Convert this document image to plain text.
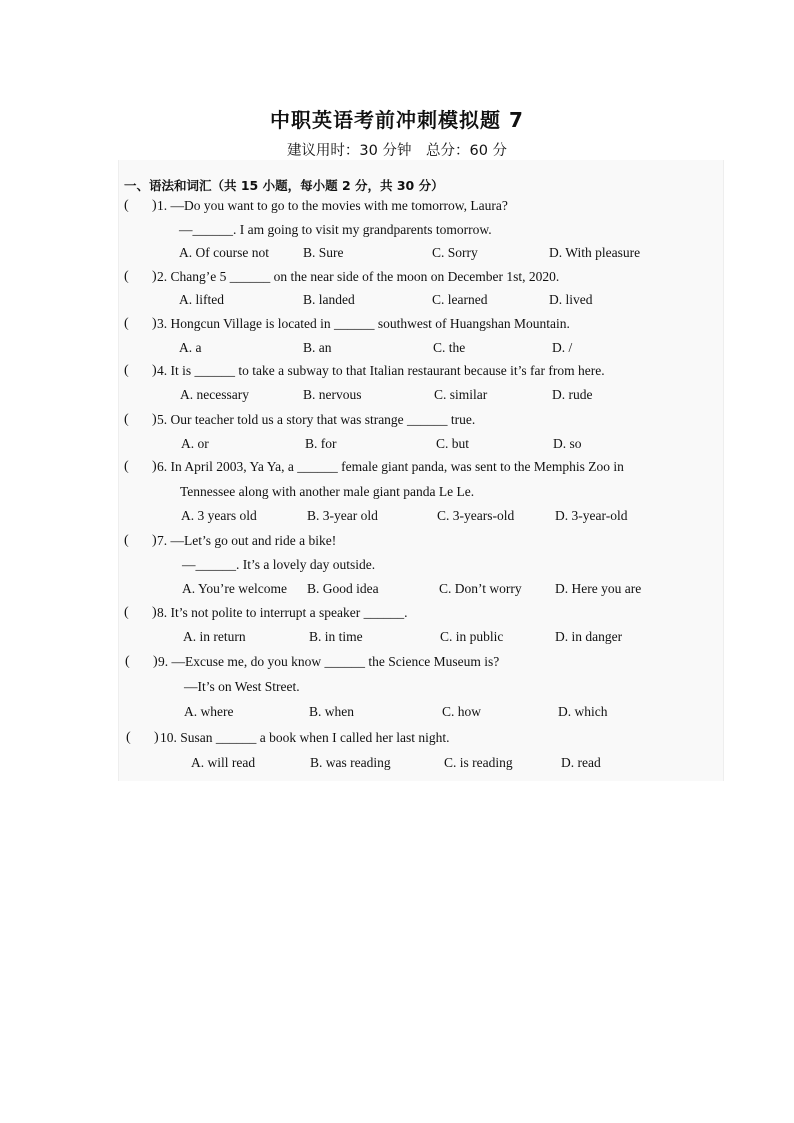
中职英语考前冲刺模拟题 7
建议用时：30 分钟　总分：60 分
一、语法和词汇（共 15 小题，每小题 2 分，共 30 分）
( ) 1. —Do you want to go to the movies with me tomorrow, Laura?
—______. I am going to visit my grandparents tomorrow.
A. Of course not	B. Sure	C. Sorry	D. With pleasure
( ) 2. Chang’e 5 ______ on the near side of the moon on December 1st, 2020.
A. lifted	B. landed	C. learned	D. lived
( ) 3. Hongcun Village is located in ______ southwest of Huangshan Mountain.
A. a	B. an	C. the	D. /
( ) 4. It is ______ to take a subway to that Italian restaurant because it’s far from here.
A. necessary	B. nervous	C. similar	D. rude
( ) 5. Our teacher told us a story that was strange ______ true.
A. or	B. for	C. but	D. so
( ) 6. In April 2003, Ya Ya, a ______ female giant panda, was sent to the Memphis Zoo in
Tennessee along with another male giant panda Le Le.
A. 3 years old	B. 3-year old	C. 3-years-old	D. 3-year-old
( ) 7. —Let’s go out and ride a bike!
—______. It’s a lovely day outside.
A. You’re welcome B. Good idea	C. Don’t worry D. Here you are
( ) 8. It’s not polite to interrupt a speaker ______.
A. in return	B. in time	C. in public	D. in danger
( ) 9. —Excuse me, do you know ______ the Science Museum is?
—It’s on West Street.
A. where	B. when	C. how	D. which
( ) 10. Susan ______ a book when I called her last night.
A. will read	B. was reading	C. is reading	D. read
